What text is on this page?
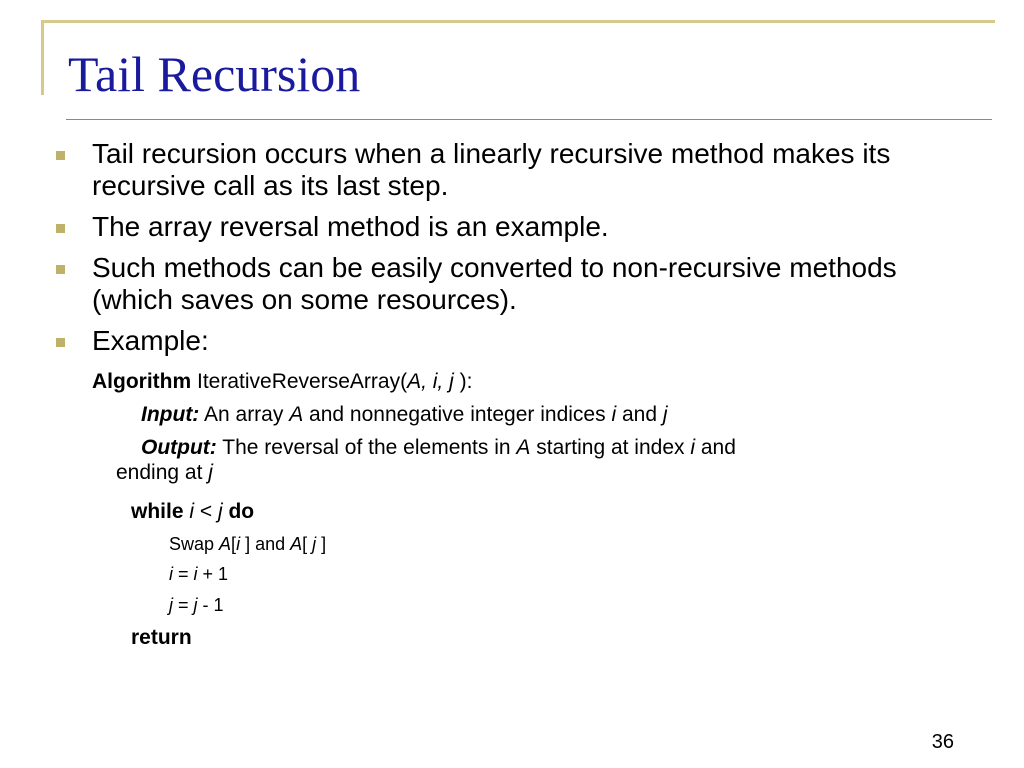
Tail Recursion
Tail recursion occurs when a linearly recursive method makes its recursive call as its last step.
The array reversal method is an example.
Such methods can be easily converted to non-recursive methods (which saves on some resources).
Example:
Algorithm IterativeReverseArray(A, i, j ):
Input: An array A and nonnegative integer indices i and j
Output: The reversal of the elements in A starting at index i and
ending at j
while i < j do
Swap A[i ] and A[ j ]
i = i + 1
j = j - 1
return
36
